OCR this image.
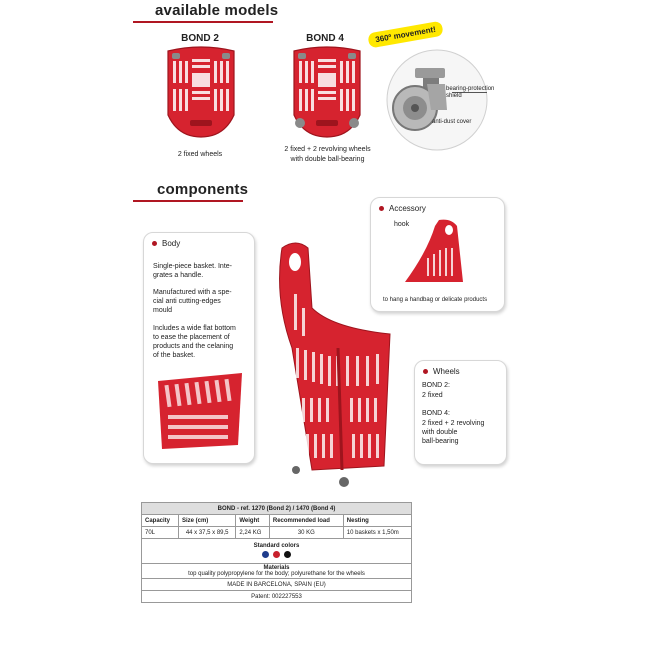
available models
BOND 2	BOND 4
2 fixed wheels
2 fixed + 2 revolving wheels
with double ball-bearing
360º movement!
bearing-protection
shield
anti-dust cover
components
Body
Single-piece basket. Inte-
grates a handle.
Manufactured with a spe-
cial anti cutting-edges
mould
Includes a wide flat bottom
to ease the placement of
products and the celaning
of the basket.
Accessory
hook
to hang a handbag or delicate products
Wheels
BOND 2:
2 fixed
BOND 4:
2 fixed + 2 revolving
with double
ball-bearing
BOND - ref. 1270 (Bond 2) / 1470 (Bond 4)				
Capacity	Size (cm)	Weight	Recommended load	Nesting
70L	44 x 37,5 x 89,5	2,24 KG	30 KG	10 baskets x 1,50m

Standard colors				

Materials
top quality polypropylene for the body; polyurethane for the wheels				

MADE IN BARCELONA, SPAIN (EU)				
Patent: 002227553				
